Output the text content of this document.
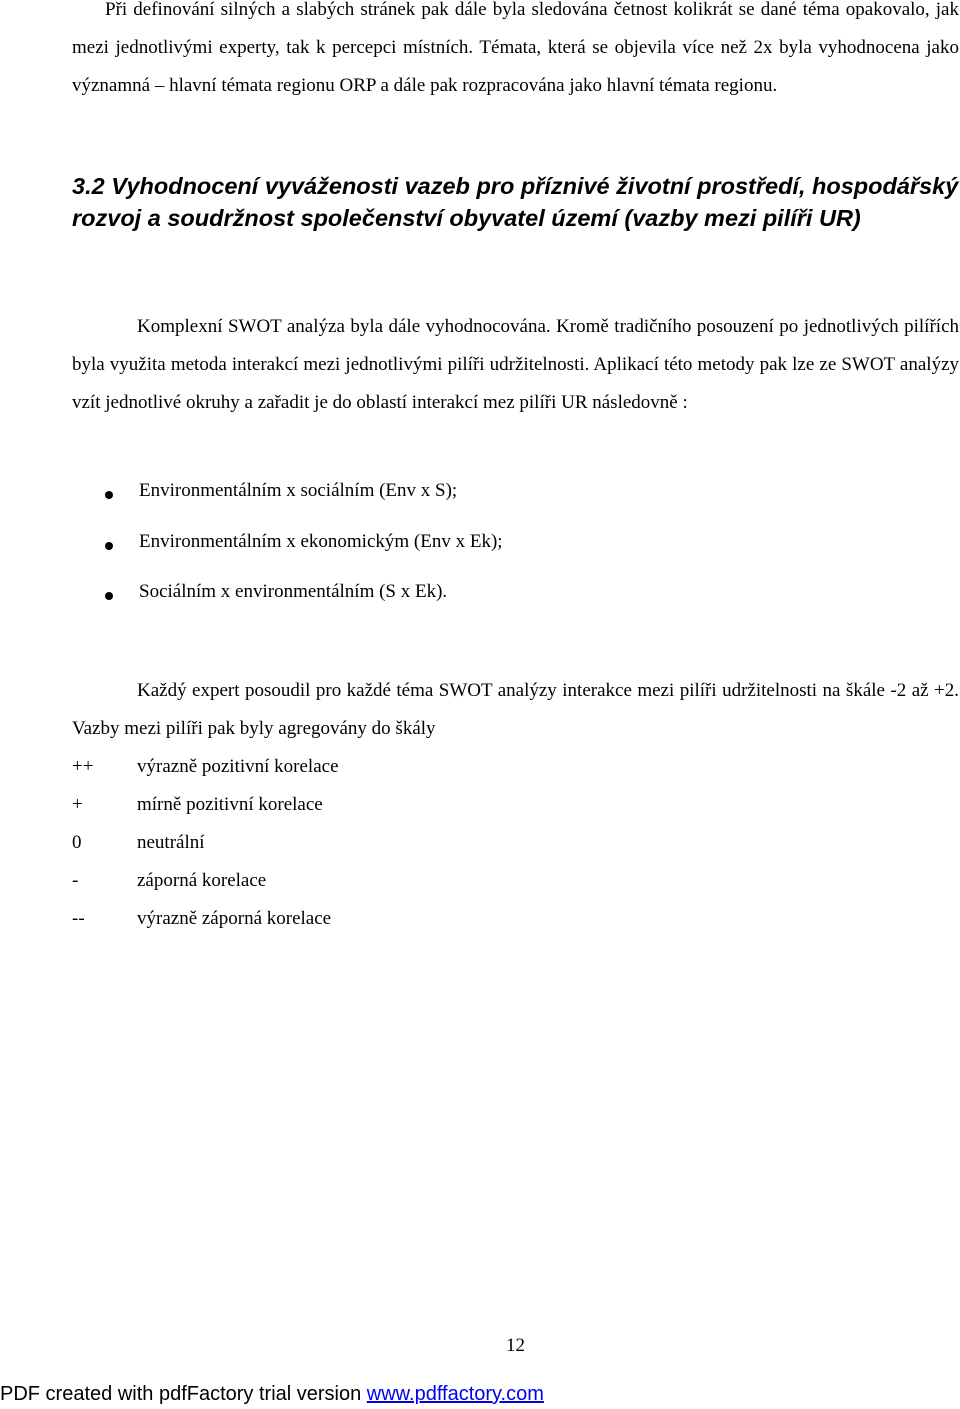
Při definování silných a slabých stránek pak dále byla sledována četnost kolikrát se dané téma opakovalo, jak mezi jednotlivými experty, tak k percepci místních. Témata, která se objevila více než 2x byla vyhodnocena jako významná – hlavní témata regionu ORP a dále pak rozpracována jako hlavní témata regionu.
3.2 Vyhodnocení vyváženosti vazeb pro příznivé životní prostředí, hospodářský rozvoj a soudržnost společenství obyvatel území (vazby mezi pilíři UR)
Komplexní SWOT analýza byla dále vyhodnocována. Kromě tradičního posouzení po jednotlivých pilířích byla využita metoda interakcí mezi jednotlivými pilíři udržitelnosti. Aplikací této metody pak lze ze SWOT analýzy vzít jednotlivé okruhy a zařadit je do oblastí interakcí mez pilíři UR následovně :
Environmentálním x sociálním (Env x S);
Environmentálním x ekonomickým (Env x Ek);
Sociálním x environmentálním (S x Ek).
Každý expert posoudil pro každé téma SWOT analýzy interakce mezi pilíři udržitelnosti na škále -2 až +2. Vazby mezi pilíři pak byly agregovány do škály
++ výrazně pozitivní korelace
+	mírně pozitivní korelace
0	neutrální
-	záporná korelace
--	výrazně záporná korelace
12
PDF created with pdfFactory trial version www.pdffactory.com
